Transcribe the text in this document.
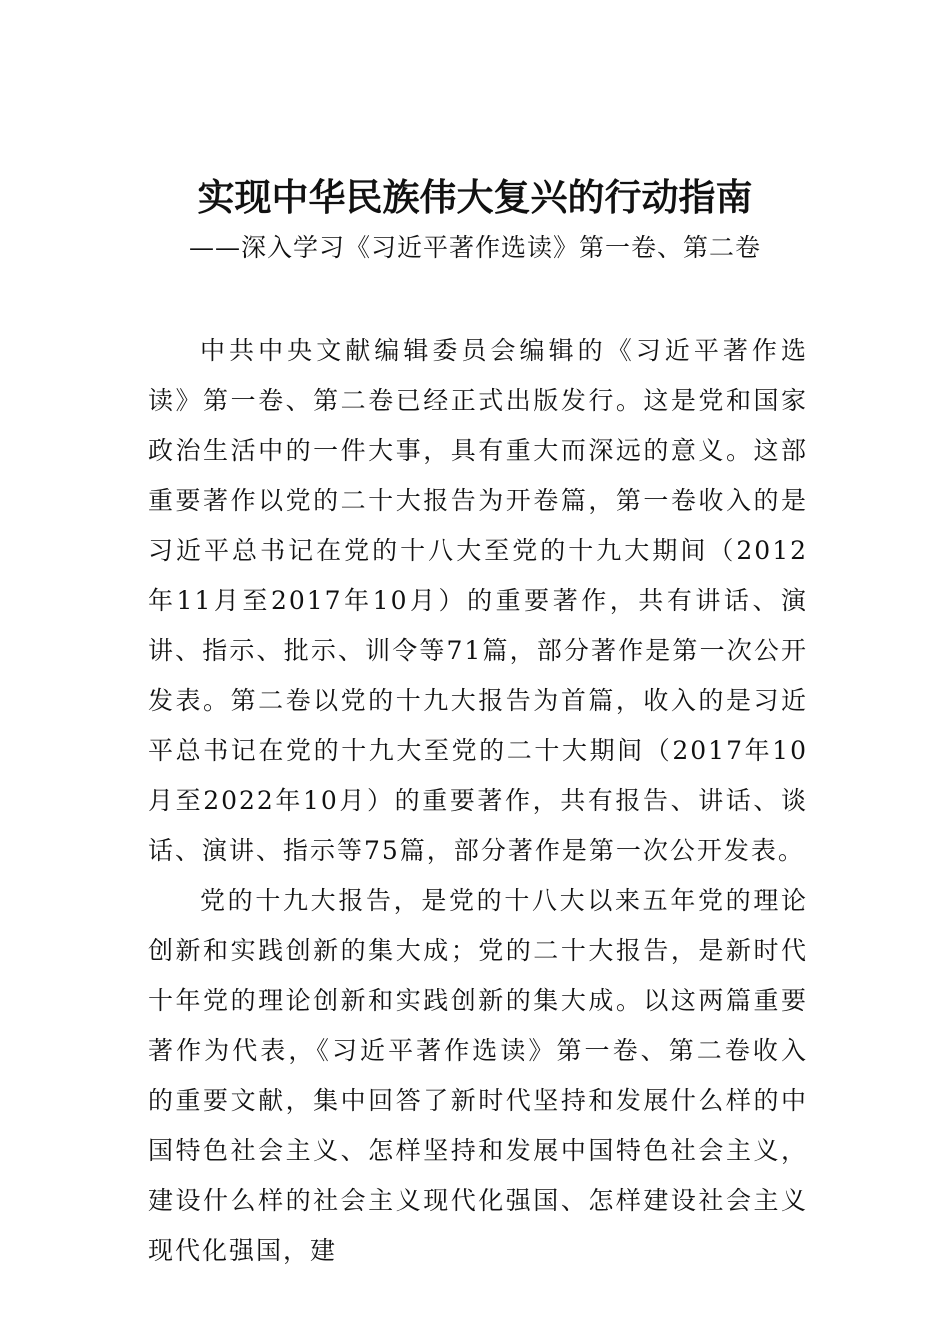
实现中华民族伟大复兴的行动指南
——深入学习《习近平著作选读》第一卷、第二卷

中共中央文献编辑委员会编辑的《习近平著作选读》第一卷、第二卷已经正式出版发行。这是党和国家政治生活中的一件大事，具有重大而深远的意义。这部重要著作以党的二十大报告为开卷篇，第一卷收入的是习近平总书记在党的十八大至党的十九大期间（2012年11月至2017年10月）的重要著作，共有讲话、演讲、指示、批示、训令等71篇，部分著作是第一次公开发表。第二卷以党的十九大报告为首篇，收入的是习近平总书记在党的十九大至党的二十大期间（2017年10月至2022年10月）的重要著作，共有报告、讲话、谈话、演讲、指示等75篇，部分著作是第一次公开发表。

党的十九大报告，是党的十八大以来五年党的理论创新和实践创新的集大成；党的二十大报告，是新时代十年党的理论创新和实践创新的集大成。以这两篇重要著作为代表，《习近平著作选读》第一卷、第二卷收入的重要文献，集中回答了新时代坚持和发展什么样的中国特色社会主义、怎样坚持和发展中国特色社会主义，建设什么样的社会主义现代化强国、怎样建设社会主义现代化强国，建
